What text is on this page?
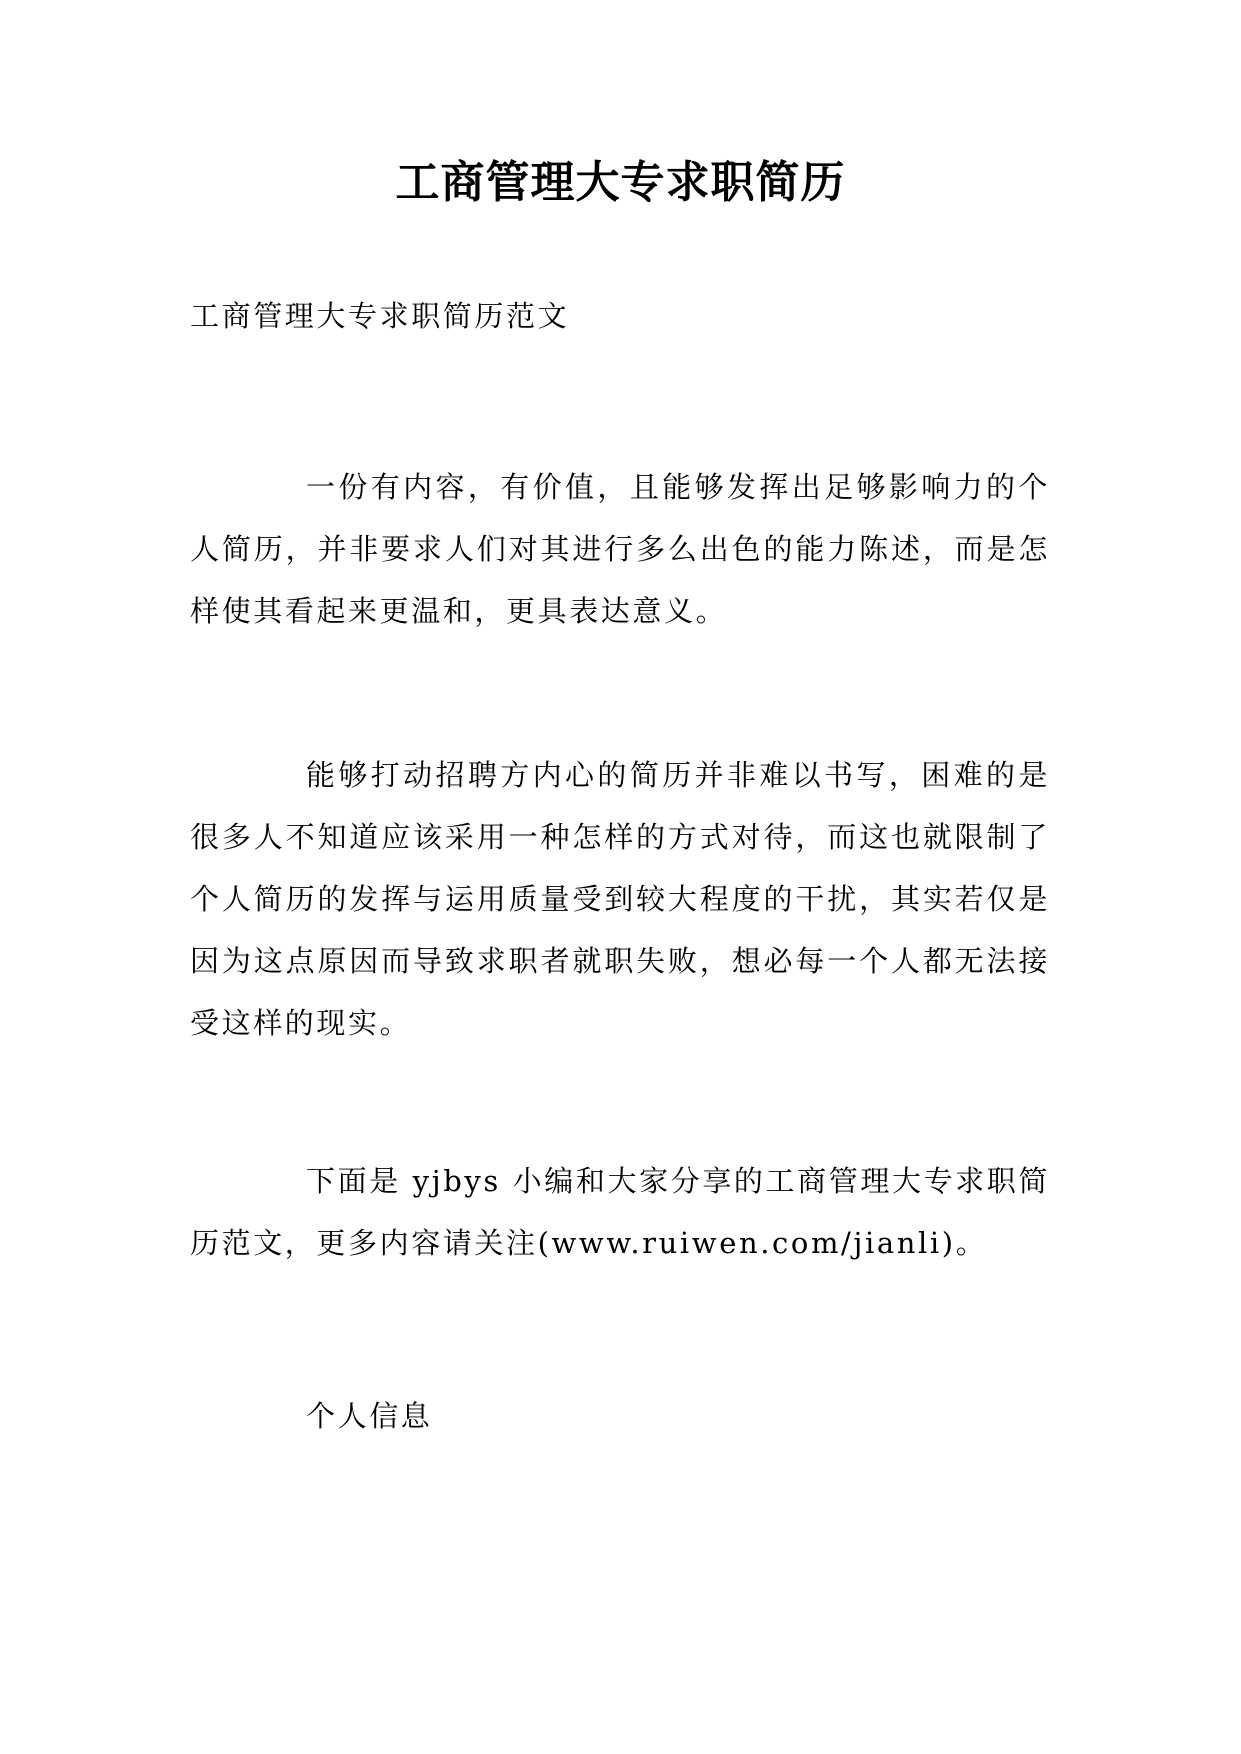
工商管理大专求职简历

工商管理大专求职简历范文

一份有内容，有价值，且能够发挥出足够影响力的个人简历，并非要求人们对其进行多么出色的能力陈述，而是怎样使其看起来更温和，更具表达意义。

能够打动招聘方内心的简历并非难以书写，困难的是很多人不知道应该采用一种怎样的方式对待，而这也就限制了个人简历的发挥与运用质量受到较大程度的干扰，其实若仅是因为这点原因而导致求职者就职失败，想必每一个人都无法接受这样的现实。

下面是 yjbys 小编和大家分享的工商管理大专求职简历范文，更多内容请关注(www.ruiwen.com/jianli)。

个人信息
